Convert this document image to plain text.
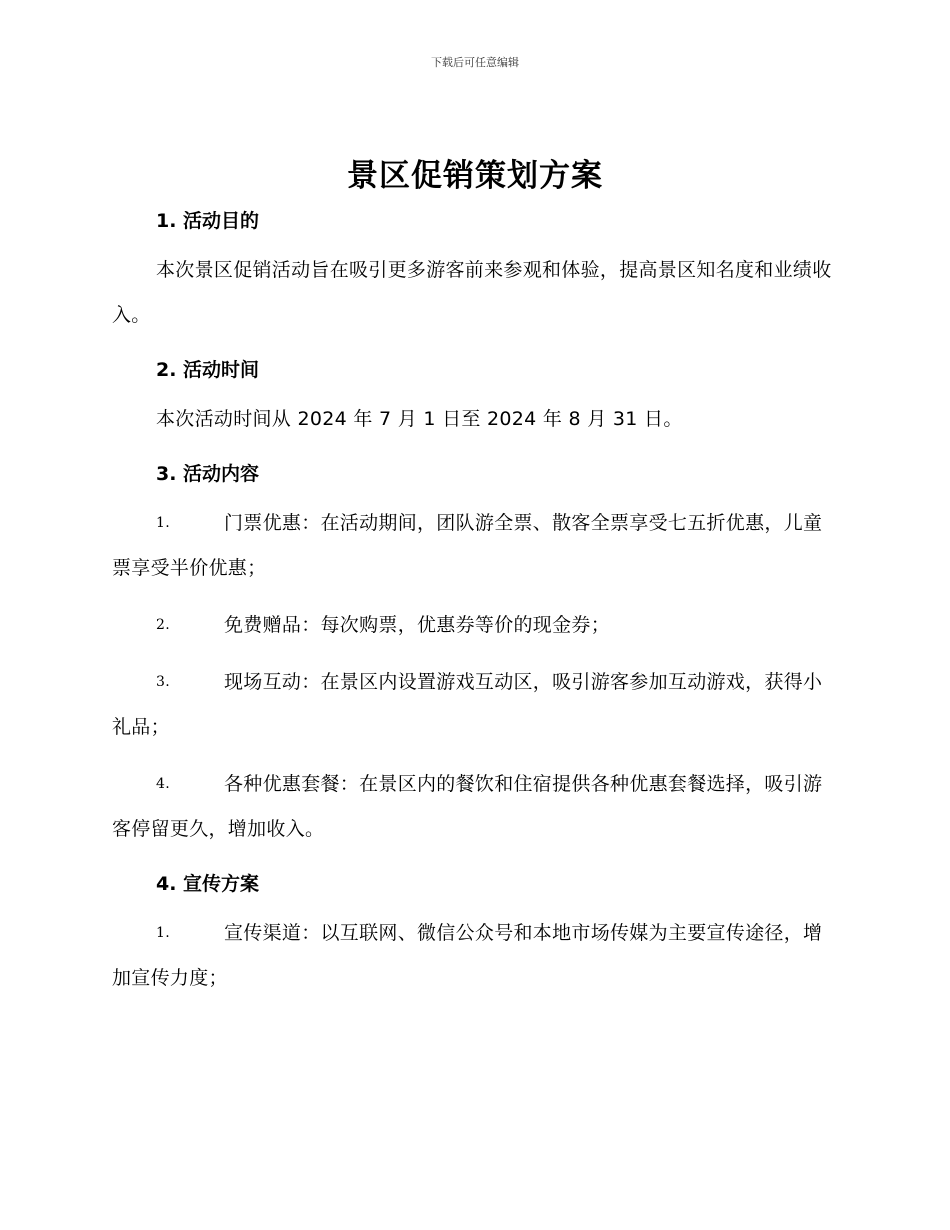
下载后可任意编辑
景区促销策划方案
1. 活动目的

本次景区促销活动旨在吸引更多游客前来参观和体验，提高景区知名度和业绩收入。

2. 活动时间

本次活动时间从 2024 年 7 月 1 日至 2024 年 8 月 31 日。

3. 活动内容

1.	门票优惠：在活动期间，团队游全票、散客全票享受七五折优惠，儿童票享受半价优惠；

2.	免费赠品：每次购票，优惠券等价的现金券；

3.	现场互动：在景区内设置游戏互动区，吸引游客参加互动游戏，获得小礼品；

4.	各种优惠套餐：在景区内的餐饮和住宿提供各种优惠套餐选择，吸引游客停留更久，增加收入。

4. 宣传方案

1.	宣传渠道：以互联网、微信公众号和本地市场传媒为主要宣传途径，增加宣传力度；
